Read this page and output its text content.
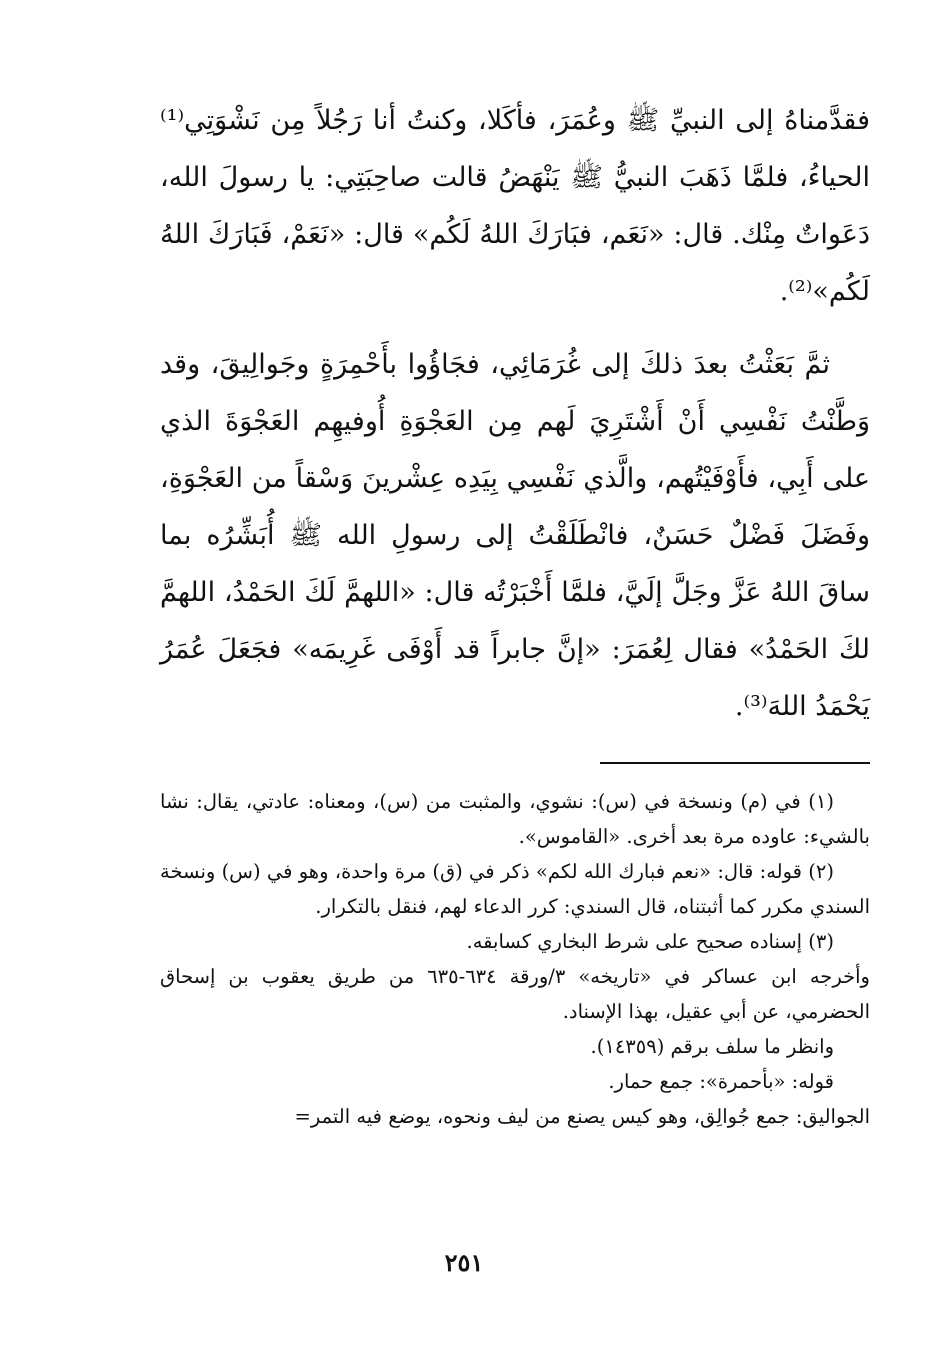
فقدَّمناهُ إلى النبيِّ ﷺ وعُمَرَ، فأكَلا، وكنتُ أنا رَجُلاً مِن نَشْوَتِي⁽¹⁾ الحياءُ، فلمَّا ذَهَبَ النبيُّ ﷺ يَنْهَضُ قالت صاحِبَتِي: يا رسولَ الله، دَعَواتٌ مِنْك. قال: «نَعَم، فبَارَكَ اللهُ لَكُم» قال: «نَعَمْ، فَبَارَكَ اللهُ لَكُم»⁽²⁾.

ثمَّ بَعَثْتُ بعدَ ذلكَ إلى غُرَمَائِي، فجَاؤُوا بأَحْمِرَةٍ وجَوالِيقَ، وقد وَطَّنْتُ نَفْسِي أَنْ أَشْتَرِيَ لَهم مِن العَجْوَةِ أُوفيهِم العَجْوَةَ الذي على أَبِي، فأَوْفَيْتُهم، والَّذي نَفْسِي بِيَدِه عِشْرينَ وَسْقاً من العَجْوَةِ، وفَضَلَ فَضْلٌ حَسَنٌ، فانْطَلَقْتُ إلى رسولِ الله ﷺ أُبَشِّرُه بما ساقَ اللهُ عَزَّ وجَلَّ إلَيَّ، فلمَّا أَخْبَرْتُه قال: «اللهمَّ لَكَ الحَمْدُ، اللهمَّ لكَ الحَمْدُ» فقال لِعُمَرَ: «إنَّ جابراً قد أَوْفَى غَرِيمَه» فجَعَلَ عُمَرُ يَحْمَدُ اللهَ⁽³⁾.

(١) في (م) ونسخة في (س): نشوي، والمثبت من (س)، ومعناه: عادتي، يقال: نشا بالشيء: عاوده مرة بعد أخرى. «القاموس».

(٢) قوله: قال: «نعم فبارك الله لكم» ذكر في (ق) مرة واحدة، وهو في (س) ونسخة السندي مكرر كما أثبتناه، قال السندي: كرر الدعاء لهم، فنقل بالتكرار.

(٣) إسناده صحيح على شرط البخاري كسابقه.

وأخرجه ابن عساكر في «تاريخه» ٣/ورقة ٦٣٤-٦٣٥ من طريق يعقوب بن إسحاق الحضرمي، عن أبي عقيل، بهذا الإسناد.

وانظر ما سلف برقم (١٤٣٥٩).

قوله: «بأحمرة»: جمع حمار.

الجواليق: جمع جُوالِق، وهو كيس يصنع من ليف ونحوه، يوضع فيه التمر=

٢٥١
